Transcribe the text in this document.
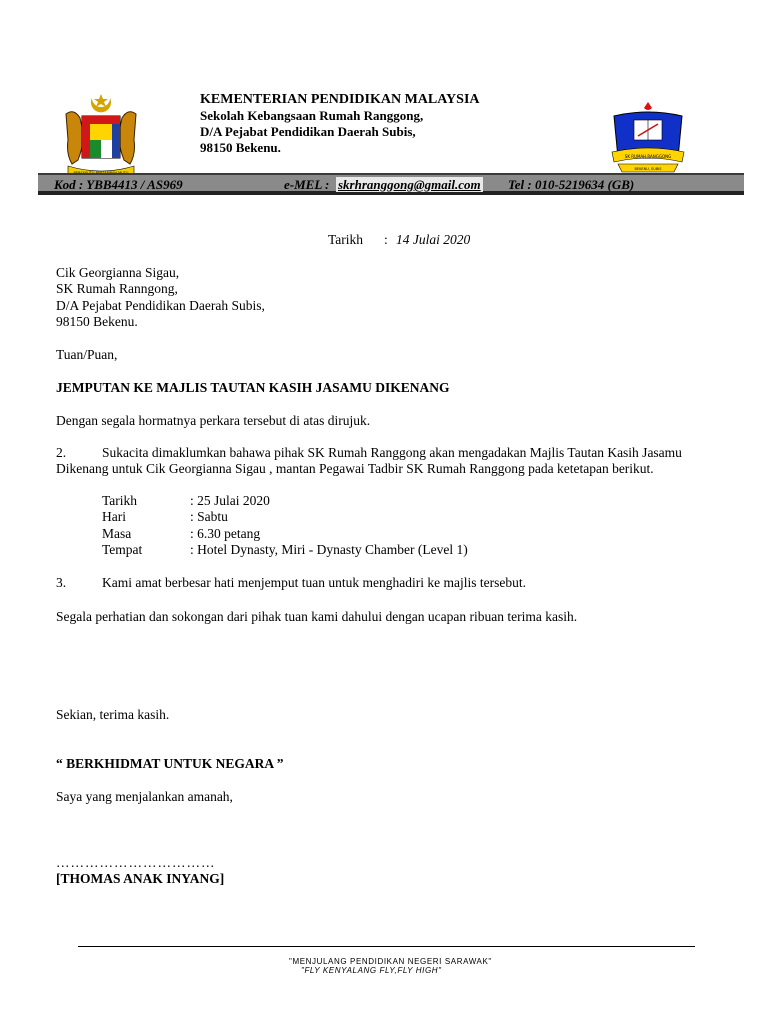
KEMENTERIAN PENDIDIKAN MALAYSIA
Sekolah Kebangsaan Rumah Ranggong,
D/A Pejabat Pendidikan Daerah Subis,
98150 Bekenu.
SK RUMAH RANGGONG
BEKENU, SUBIS
Kod : YBB4413 / AS969	e-MEL : skrhranggong@gmail.com Tel : 010-5219634 (GB)
Tarikh : 14 Julai 2020
Cik Georgianna Sigau,
SK Rumah Ranngong,
D/A Pejabat Pendidikan Daerah Subis,
98150 Bekenu.
Tuan/Puan,
JEMPUTAN KE MAJLIS TAUTAN KASIH JASAMU DIKENANG
Dengan segala hormatnya perkara tersebut di atas dirujuk.
2.	Sukacita dimaklumkan bahawa pihak SK Rumah Ranggong akan mengadakan Majlis Tautan Kasih Jasamu
Dikenang untuk Cik Georgianna Sigau , mantan Pegawai Tadbir SK Rumah Ranggong pada ketetapan berikut.
Tarikh	: 25 Julai 2020
Hari	: Sabtu
Masa	: 6.30 petang
Tempat	: Hotel Dynasty, Miri - Dynasty Chamber (Level 1)
3.	Kami amat berbesar hati menjemput tuan untuk menghadiri ke majlis tersebut.
Segala perhatian dan sokongan dari pihak tuan kami dahului dengan ucapan ribuan terima kasih.
Sekian, terima kasih.
“ BERKHIDMAT UNTUK NEGARA ”
Saya yang menjalankan amanah,
……………………………
[THOMAS ANAK INYANG]
"MENJULANG PENDIDIKAN NEGERI SARAWAK"
"FLY KENYALANG FLY,FLY HIGH"
